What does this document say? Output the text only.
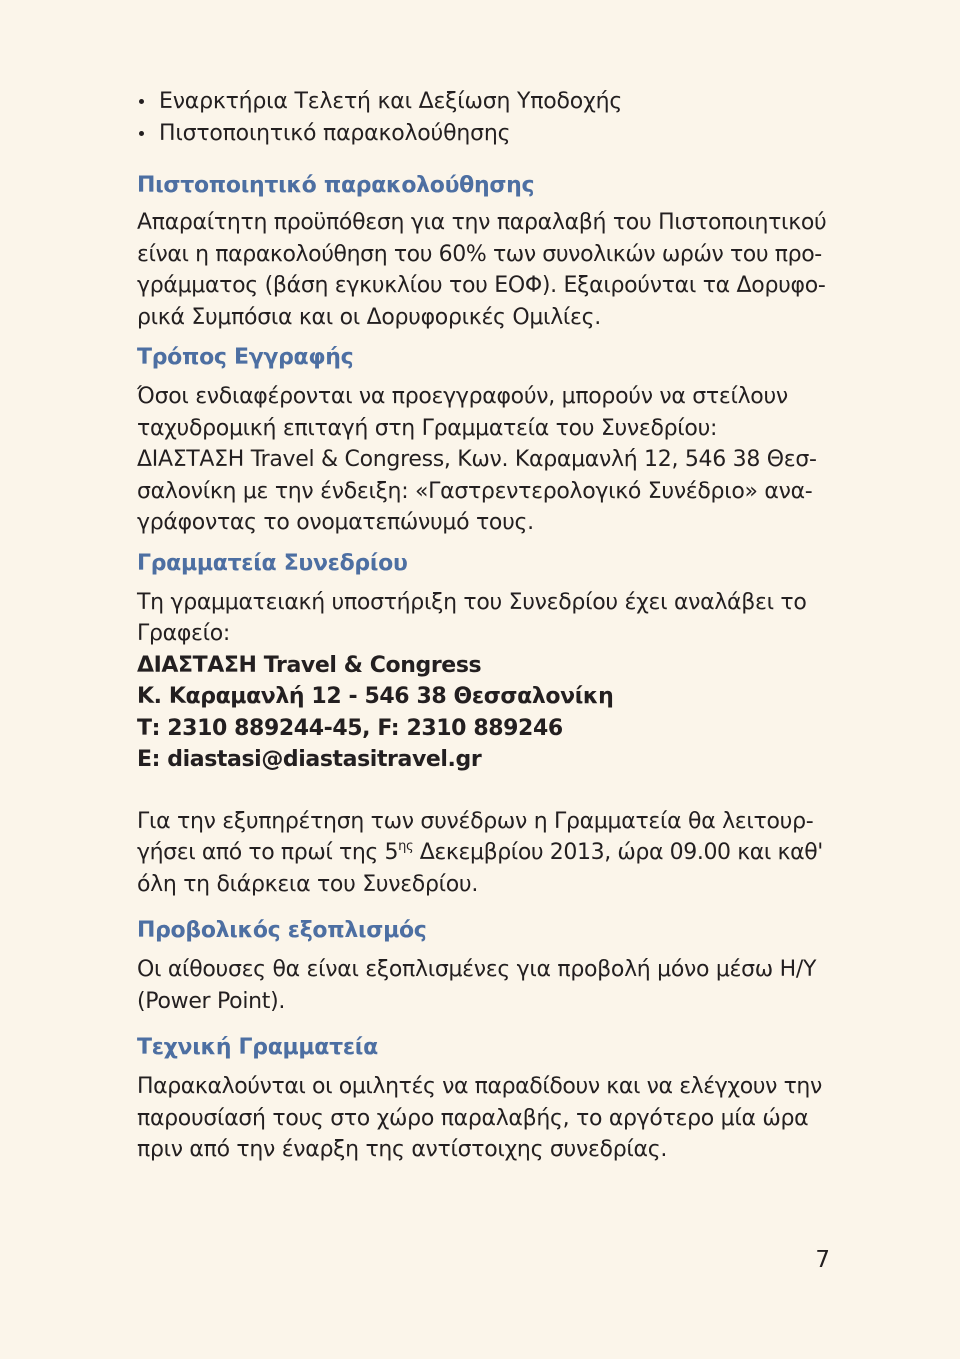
Εναρκτήρια Τελετή και Δεξίωση Υποδοχής
Πιστοποιητικό παρακολούθησης
Πιστοποιητικό παρακολούθησης

Απαραίτητη προϋπόθεση για την παραλαβή του Πιστοποιητικού
είναι η παρακολούθηση του 60% των συνολικών ωρών του προ-
γράμματος (βάση εγκυκλίου του ΕΟΦ). Εξαιρούνται τα Δορυφο-
ρικά Συμπόσια και οι Δορυφορικές Ομιλίες.

Τρόπος Εγγραφής

Όσοι ενδιαφέρονται να προεγγραφούν, μπορούν να στείλουν
ταχυδρομική επιταγή στη Γραμματεία του Συνεδρίου:
ΔΙΑΣΤΑΣΗ Travel & Congress, Κων. Καραμανλή 12, 546 38 Θεσ-
σαλονίκη με την ένδειξη: «Γαστρεντερολογικό Συνέδριο» ανα-
γράφοντας το ονοματεπώνυμό τους.

Γραμματεία Συνεδρίου

Τη γραμματειακή υποστήριξη του Συνεδρίου έχει αναλάβει το
Γραφείο:

ΔΙΑΣΤΑΣΗ Travel & Congress
Κ. Καραμανλή 12 - 546 38 Θεσσαλονίκη
Τ: 2310 889244-45, F: 2310 889246
E: diastasi@diastasitravel.gr

Για την εξυπηρέτηση των συνέδρων η Γραμματεία θα λειτουρ-
γήσει από το πρωί της $5^{\eta\varsigma}$ Δεκεμβρίου 2013, ώρα 09.00 και καθ'
όλη τη διάρκεια του Συνεδρίου.

Προβολικός εξοπλισμός

Οι αίθουσες θα είναι εξοπλισμένες για προβολή μόνο μέσω Η/Υ
(Power Point).

Τεχνική Γραμματεία

Παρακαλούνται οι ομιλητές να παραδίδουν και να ελέγχουν την
παρουσίασή τους στο χώρο παραλαβής, το αργότερο μία ώρα
πριν από την έναρξη της αντίστοιχης συνεδρίας.

7
